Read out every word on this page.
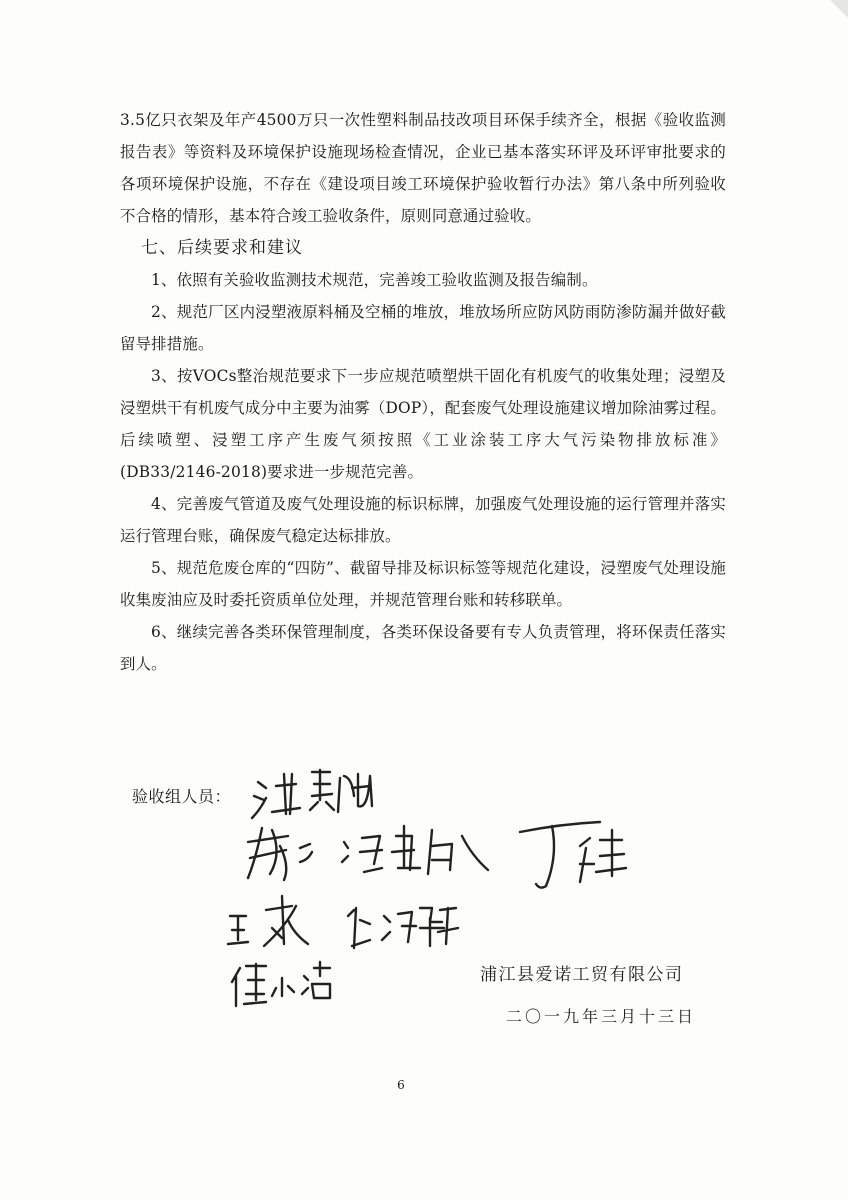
3.5亿只衣架及年产4500万只一次性塑料制品技改项目环保手续齐全，根据《验收监测报告表》等资料及环境保护设施现场检查情况，企业已基本落实环评及环评审批要求的各项环境保护设施，不存在《建设项目竣工环境保护验收暂行办法》第八条中所列验收不合格的情形，基本符合竣工验收条件，原则同意通过验收。

七、后续要求和建议

1、依照有关验收监测技术规范，完善竣工验收监测及报告编制。

2、规范厂区内浸塑液原料桶及空桶的堆放，堆放场所应防风防雨防渗防漏并做好截留导排措施。

3、按VOCs整治规范要求下一步应规范喷塑烘干固化有机废气的收集处理；浸塑及浸塑烘干有机废气成分中主要为油雾（DOP），配套废气处理设施建议增加除油雾过程。后续喷塑、浸塑工序产生废气须按照《工业涂装工序大气污染物排放标准》(DB33/2146-2018)要求进一步规范完善。

4、完善废气管道及废气处理设施的标识标牌，加强废气处理设施的运行管理并落实运行管理台账，确保废气稳定达标排放。

5、规范危废仓库的“四防”、截留导排及标识标签等规范化建设，浸塑废气处理设施收集废油应及时委托资质单位处理，并规范管理台账和转移联单。

6、继续完善各类环保管理制度，各类环保设备要有专人负责管理，将环保责任落实到人。

验收组人员：
浦江县爱诺工贸有限公司
二〇一九年三月十三日
6
